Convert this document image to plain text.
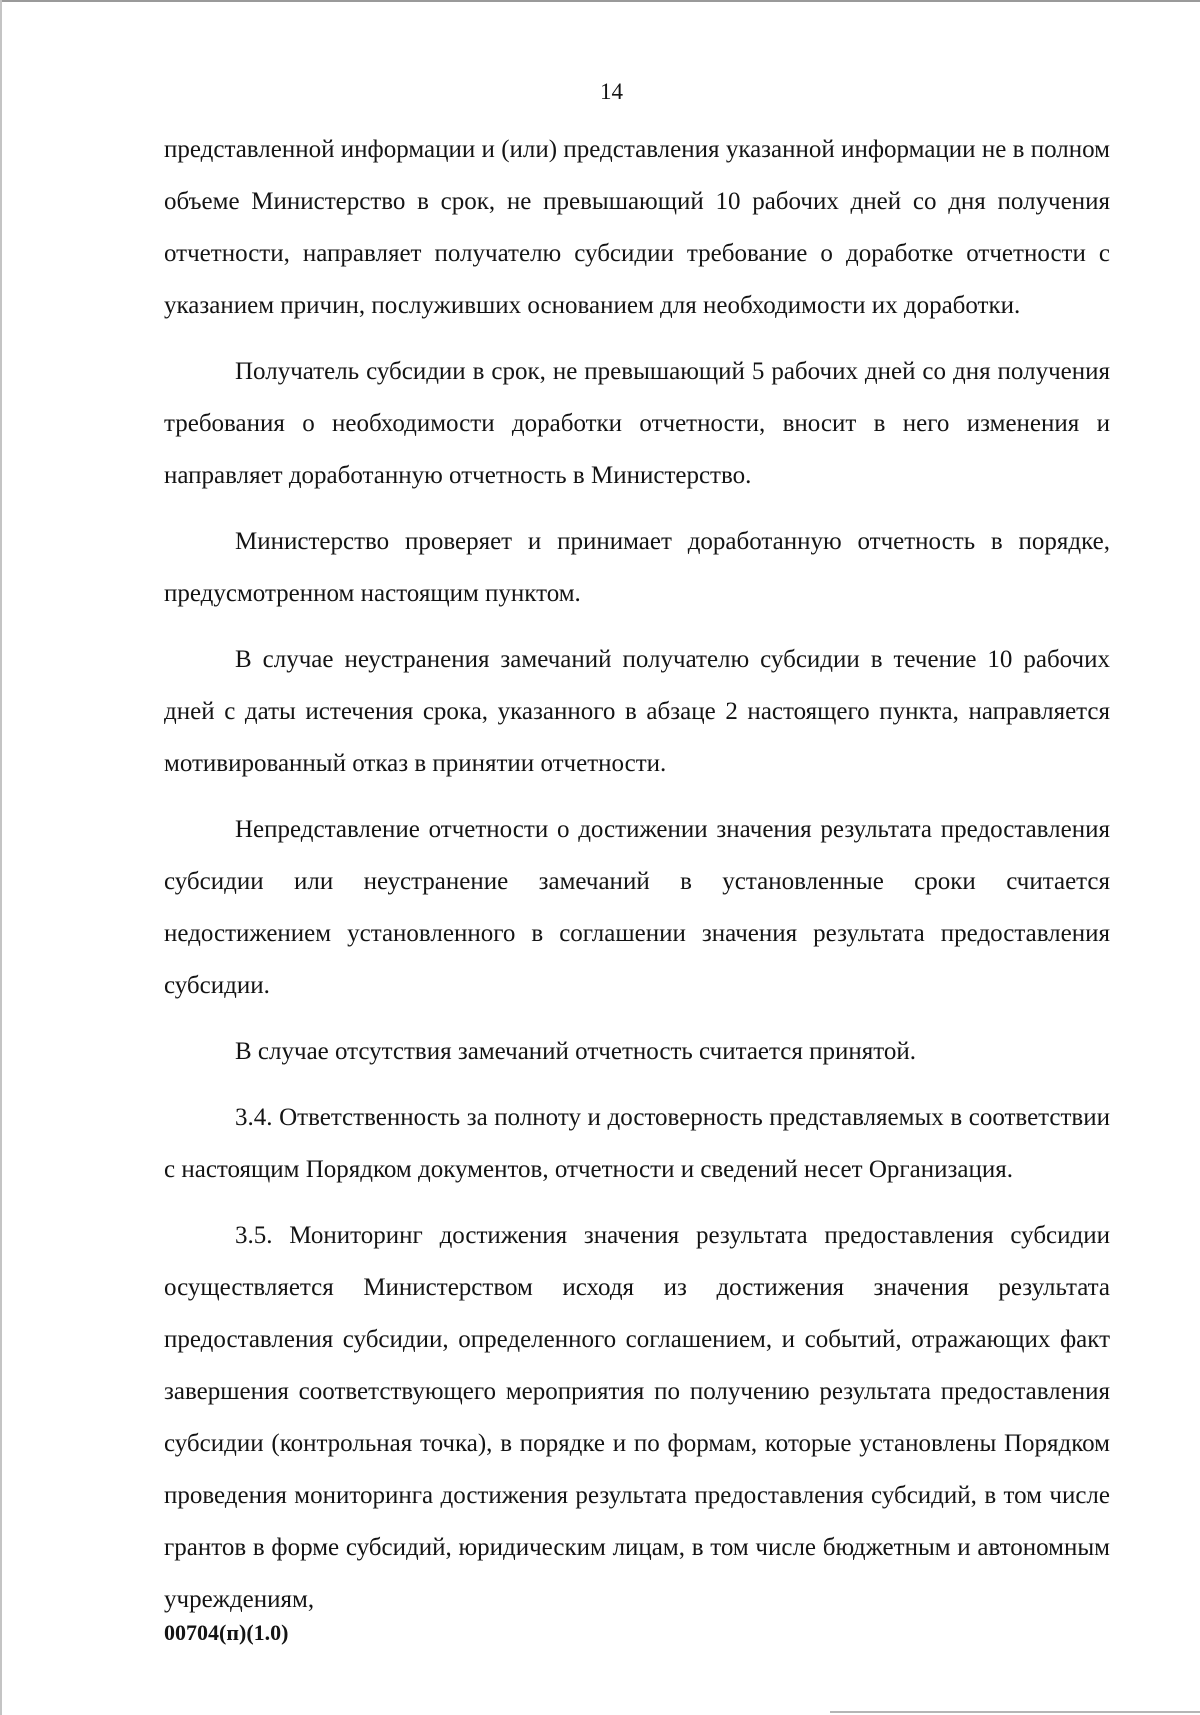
14

представленной информации и (или) представления указанной информации не в полном объеме Министерство в срок, не превышающий 10 рабочих дней со дня получения отчетности, направляет получателю субсидии требование о доработке отчетности с указанием причин, послуживших основанием для необходимости их доработки.

Получатель субсидии в срок, не превышающий 5 рабочих дней со дня получения требования о необходимости доработки отчетности, вносит в него изменения и направляет доработанную отчетность в Министерство.

Министерство проверяет и принимает доработанную отчетность в порядке, предусмотренном настоящим пунктом.

В случае неустранения замечаний получателю субсидии в течение 10 рабочих дней с даты истечения срока, указанного в абзаце 2 настоящего пункта, направляется мотивированный отказ в принятии отчетности.

Непредставление отчетности о достижении значения результата предоставления субсидии или неустранение замечаний в установленные сроки считается недостижением установленного в соглашении значения результата предоставления субсидии.

В случае отсутствия замечаний отчетность считается принятой.

3.4. Ответственность за полноту и достоверность представляемых в соответствии с настоящим Порядком документов, отчетности и сведений несет Организация.

3.5. Мониторинг достижения значения результата предоставления субсидии осуществляется Министерством исходя из достижения значения результата предоставления субсидии, определенного соглашением, и событий, отражающих факт завершения соответствующего мероприятия по получению результата предоставления субсидии (контрольная точка), в порядке и по формам, которые установлены Порядком проведения мониторинга достижения результата предоставления субсидий, в том числе грантов в форме субсидий, юридическим лицам, в том числе бюджетным и автономным учреждениям,

00704(п)(1.0)
